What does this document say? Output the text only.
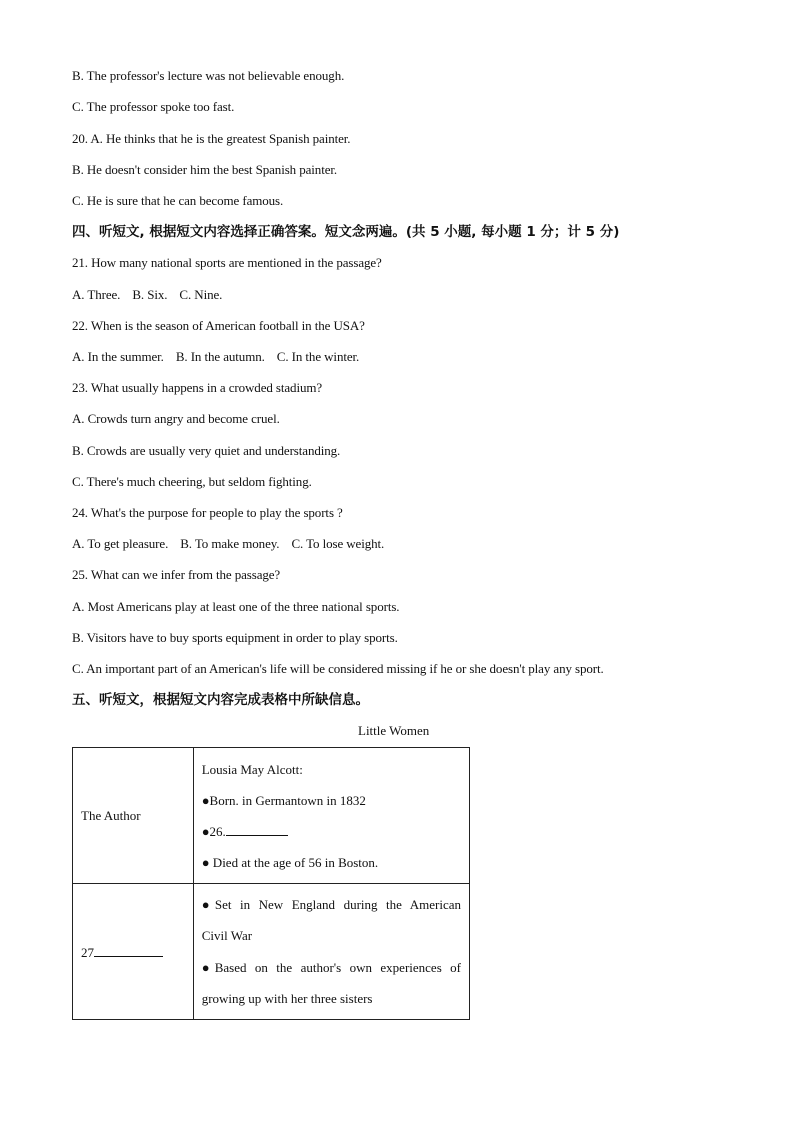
B. The professor's lecture was not believable enough.
C. The professor spoke too fast.
20. A. He thinks that he is the greatest Spanish painter.
B. He doesn't consider him the best Spanish painter.
C. He is sure that he can become famous.
四、听短文, 根据短文内容选择正确答案。短文念两遍。(共 5 小题, 每小题 1 分；计 5 分)
21. How many national sports are mentioned in the passage?
A. Three. B. Six. C. Nine.
22. When is the season of American football in the USA?
A. In the summer. B. In the autumn. C. In the winter.
23. What usually happens in a crowded stadium?
A. Crowds turn angry and become cruel.
B. Crowds are usually very quiet and understanding.
C. There's much cheering, but seldom fighting.
24. What's the purpose for people to play the sports ?
A. To get pleasure. B. To make money. C. To lose weight.
25. What can we infer from the passage?
A. Most Americans play at least one of the three national sports.
B. Visitors have to buy sports equipment in order to play sports.
C. An important part of an American's life will be considered missing if he or she doesn't play any sport.
五、听短文，根据短文内容完成表格中所缺信息。
Little Women
The Author	Lousia May Alcott:
●Born. in Germantown in 1832
●26.
● Died at the age of 56 in Boston.

27	●Set in New England during the American
Civil War
●Based on the author's own experiences of
growing up with her three sisters
